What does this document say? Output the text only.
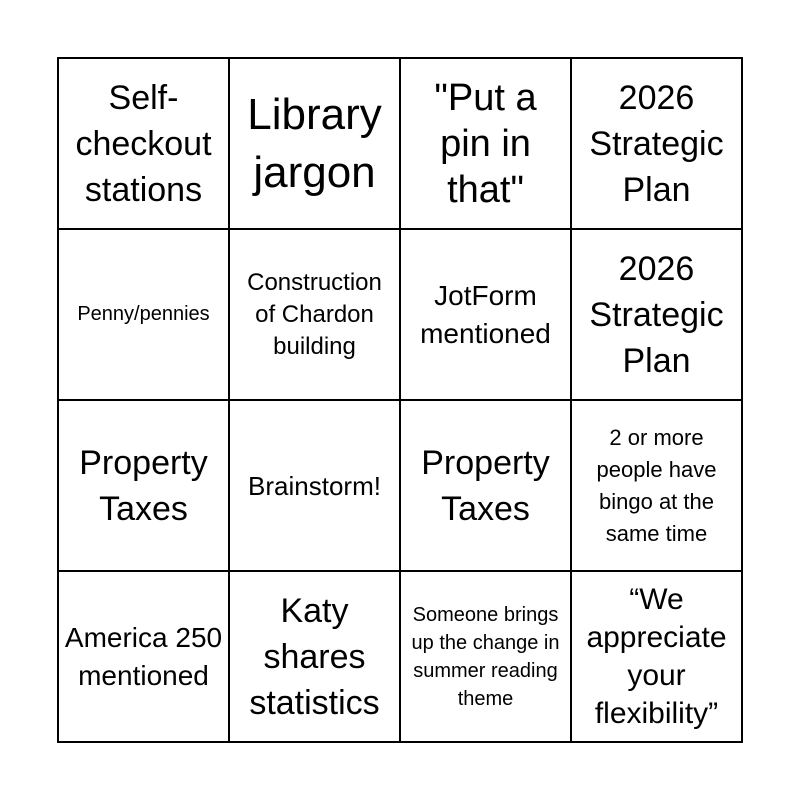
Self-checkout stations
Library jargon
"Put a pin in that"
2026 Strategic Plan
Penny/pennies
Construction of Chardon building
JotForm mentioned
2026 Strategic Plan
Property Taxes
Brainstorm!
Property Taxes
2 or more people have bingo at the same time
America 250 mentioned
Katy shares statistics
Someone brings up the change in summer reading theme
“We appreciate your flexibility”
